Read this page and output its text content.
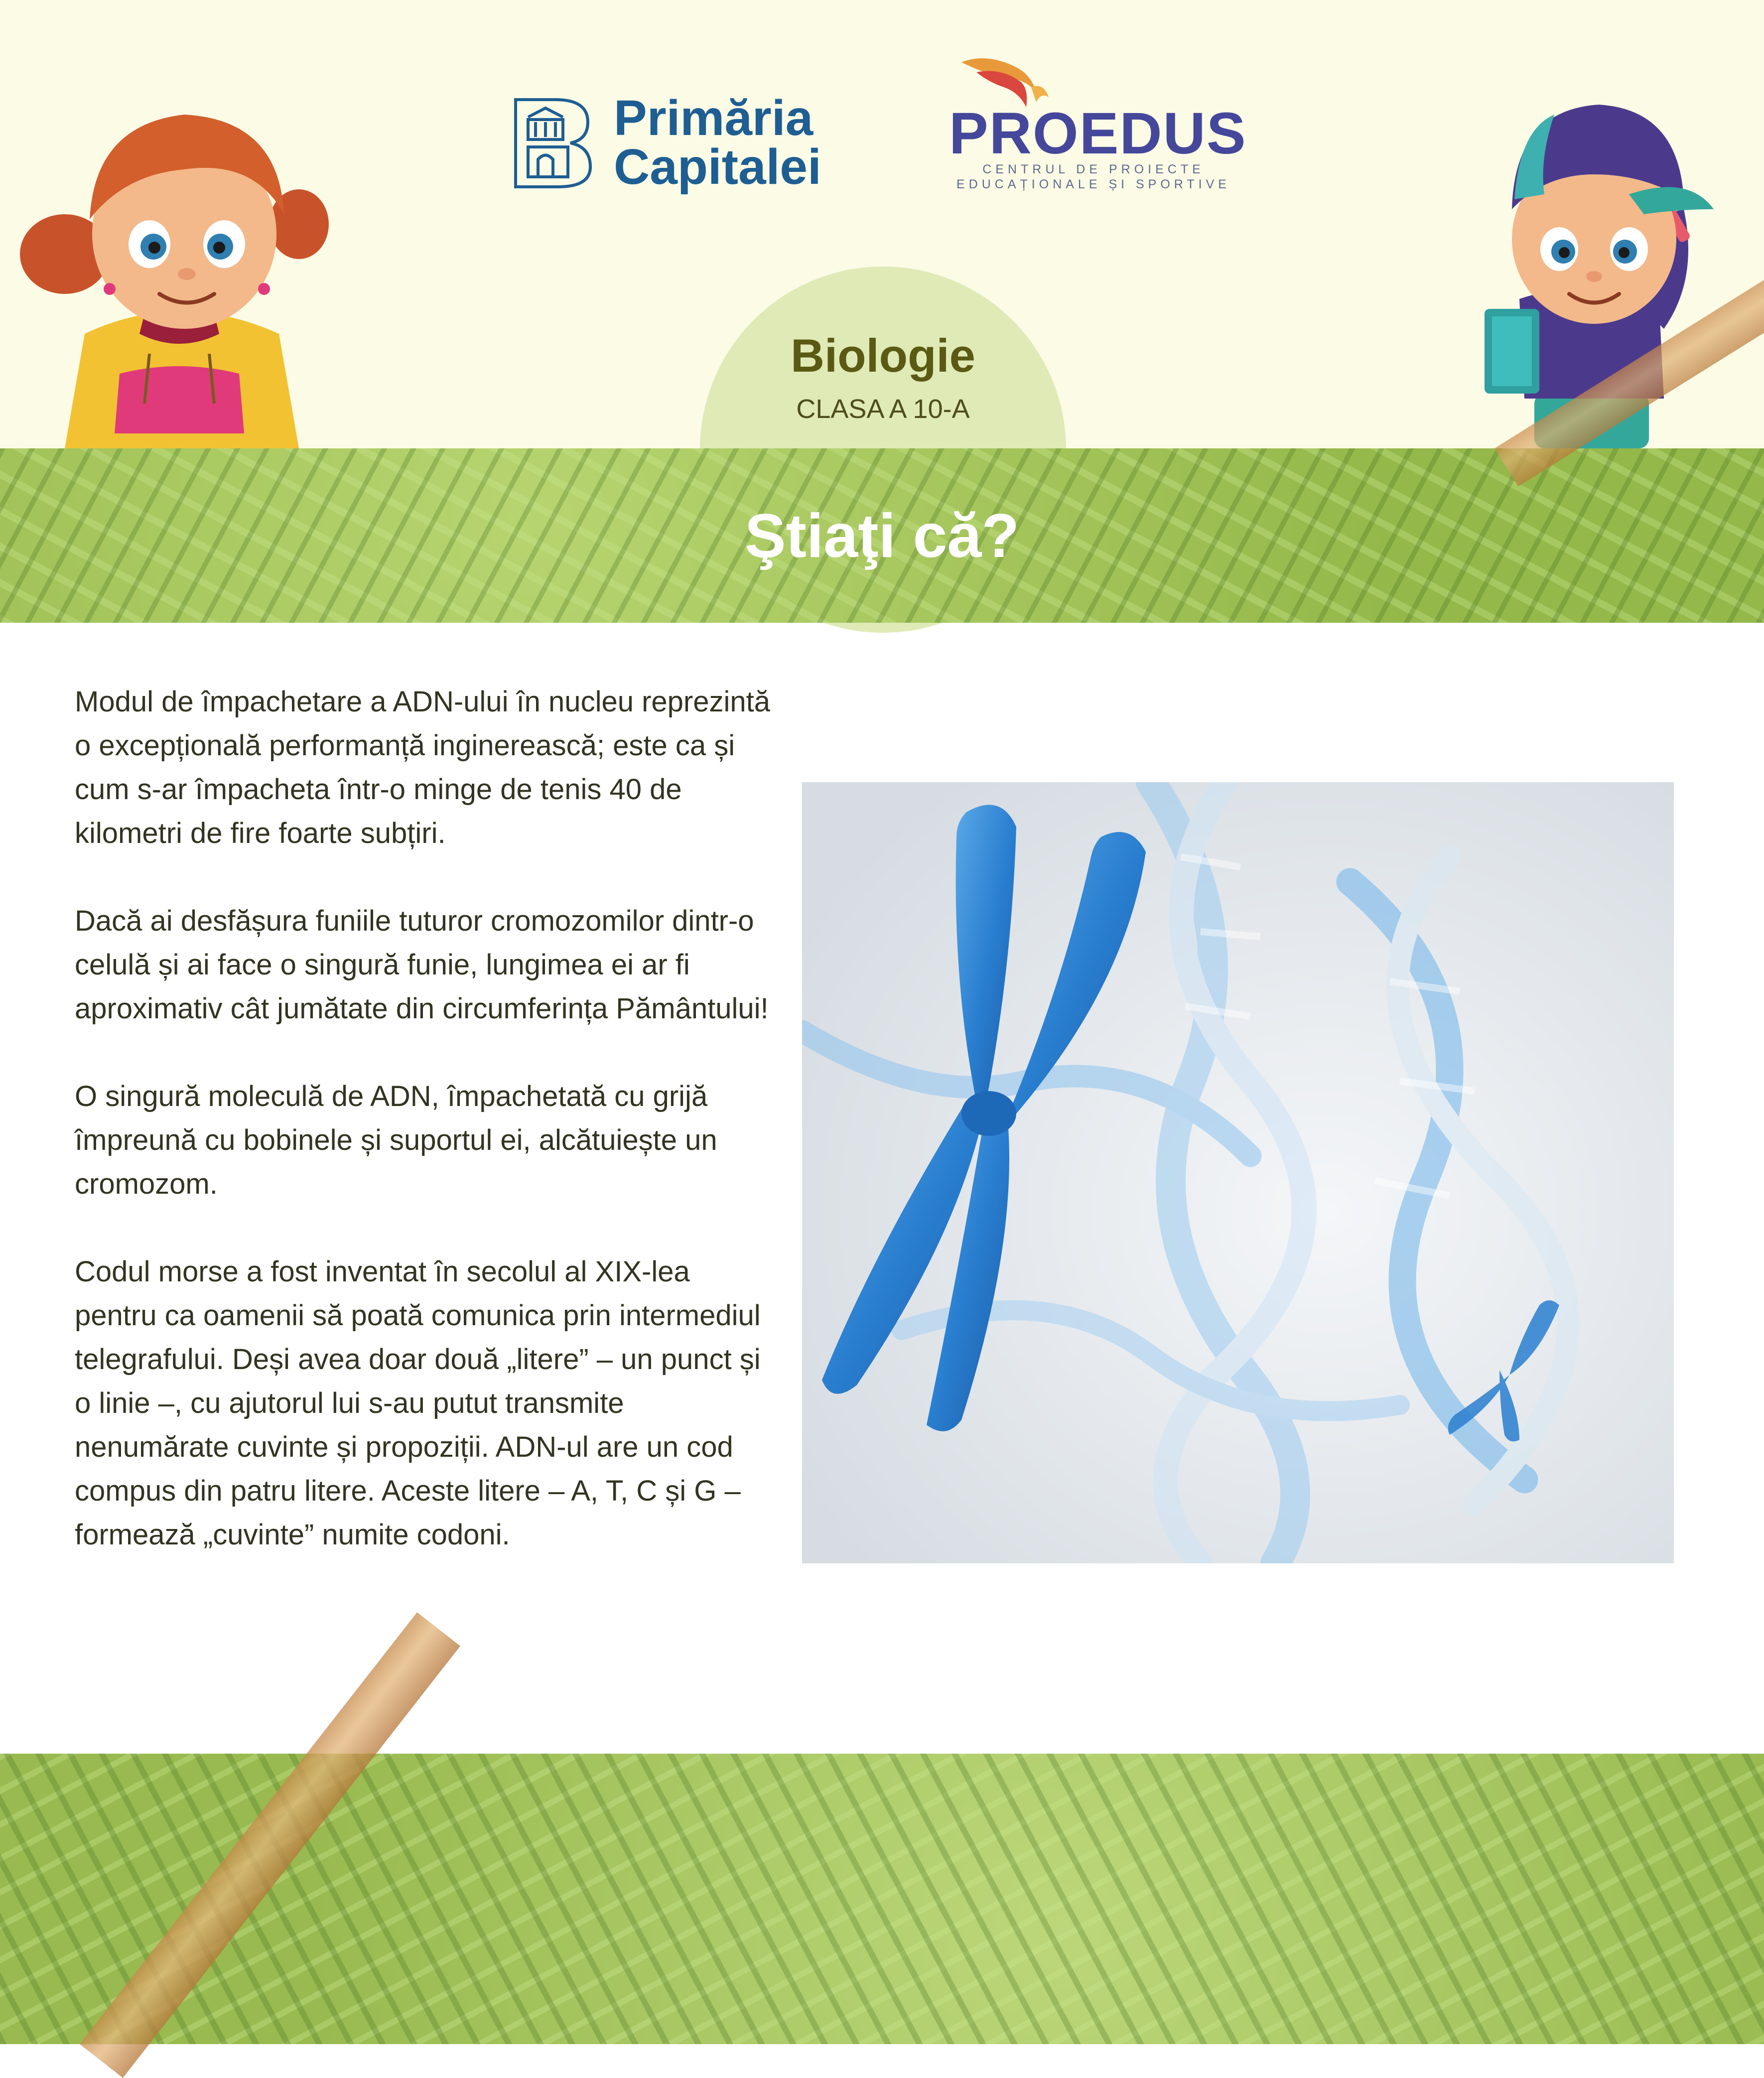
Biologie
CLASA A 10-A
Primăria
Capitalei
PROEDUS
CENTRUL DE PROIECTE EDUCAȚIONALE ȘI SPORTIVE
Ştiaţi că?

Modul de împachetare a ADN-ului în nucleu reprezintă o excepțională performanță inginerească; este ca și cum s-ar împacheta într-o minge de tenis 40 de kilometri de fire foarte subțiri.

Dacă ai desfășura funiile tuturor cromozomilor dintr-o celulă și ai face o singură funie, lungimea ei ar fi aproximativ cât jumătate din circumferința Pământului!

O singură moleculă de ADN, împachetată cu grijă împreună cu bobinele și suportul ei, alcătuiește un cromozom.

Codul morse a fost inventat în secolul al XIX-lea pentru ca oamenii să poată comunica prin intermediul telegrafului. Deși avea doar două „litere” – un punct și o linie –, cu ajutorul lui s-au putut transmite nenumărate cuvinte și propoziții. ADN-ul are un cod compus din patru litere. Aceste litere – A, T, C și G – formează „cuvinte” numite codoni.
